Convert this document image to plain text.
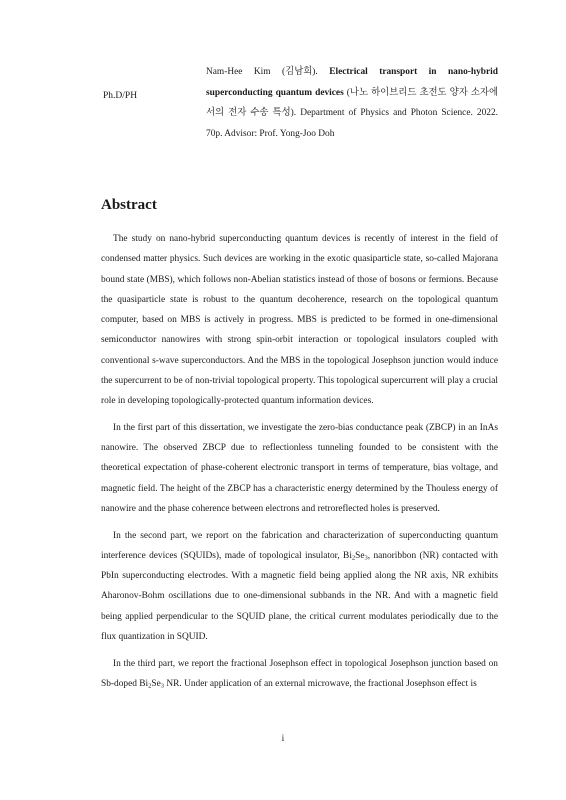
Ph.D/PH
Nam-Hee Kim (김남희). Electrical transport in nano-hybrid superconducting quantum devices (나노 하이브리드 초전도 양자 소자에서의 전자 수송 특성). Department of Physics and Photon Science. 2022. 70p. Advisor: Prof. Yong-Joo Doh
Abstract

The study on nano-hybrid superconducting quantum devices is recently of interest in the field of condensed matter physics. Such devices are working in the exotic quasiparticle state, so-called Majorana bound state (MBS), which follows non-Abelian statistics instead of those of bosons or fermions. Because the quasiparticle state is robust to the quantum decoherence, research on the topological quantum computer, based on MBS is actively in progress. MBS is predicted to be formed in one-dimensional semiconductor nanowires with strong spin-orbit interaction or topological insulators coupled with conventional s-wave superconductors. And the MBS in the topological Josephson junction would induce the supercurrent to be of non-trivial topological property. This topological supercurrent will play a crucial role in developing topologically-protected quantum information devices.

In the first part of this dissertation, we investigate the zero-bias conductance peak (ZBCP) in an InAs nanowire. The observed ZBCP due to reflectionless tunneling founded to be consistent with the theoretical expectation of phase-coherent electronic transport in terms of temperature, bias voltage, and magnetic field. The height of the ZBCP has a characteristic energy determined by the Thouless energy of nanowire and the phase coherence between electrons and retroreflected holes is preserved.

In the second part, we report on the fabrication and characterization of superconducting quantum interference devices (SQUIDs), made of topological insulator, $Bi_2Se_3$, nanoribbon (NR) contacted with PbIn superconducting electrodes. With a magnetic field being applied along the NR axis, NR exhibits Aharonov-Bohm oscillations due to one-dimensional subbands in the NR. And with a magnetic field being applied perpendicular to the SQUID plane, the critical current modulates periodically due to the flux quantization in SQUID.

In the third part, we report the fractional Josephson effect in topological Josephson junction based on Sb-doped $Bi_2Se_3$ NR. Under application of an external microwave, the fractional Josephson effect is

i
